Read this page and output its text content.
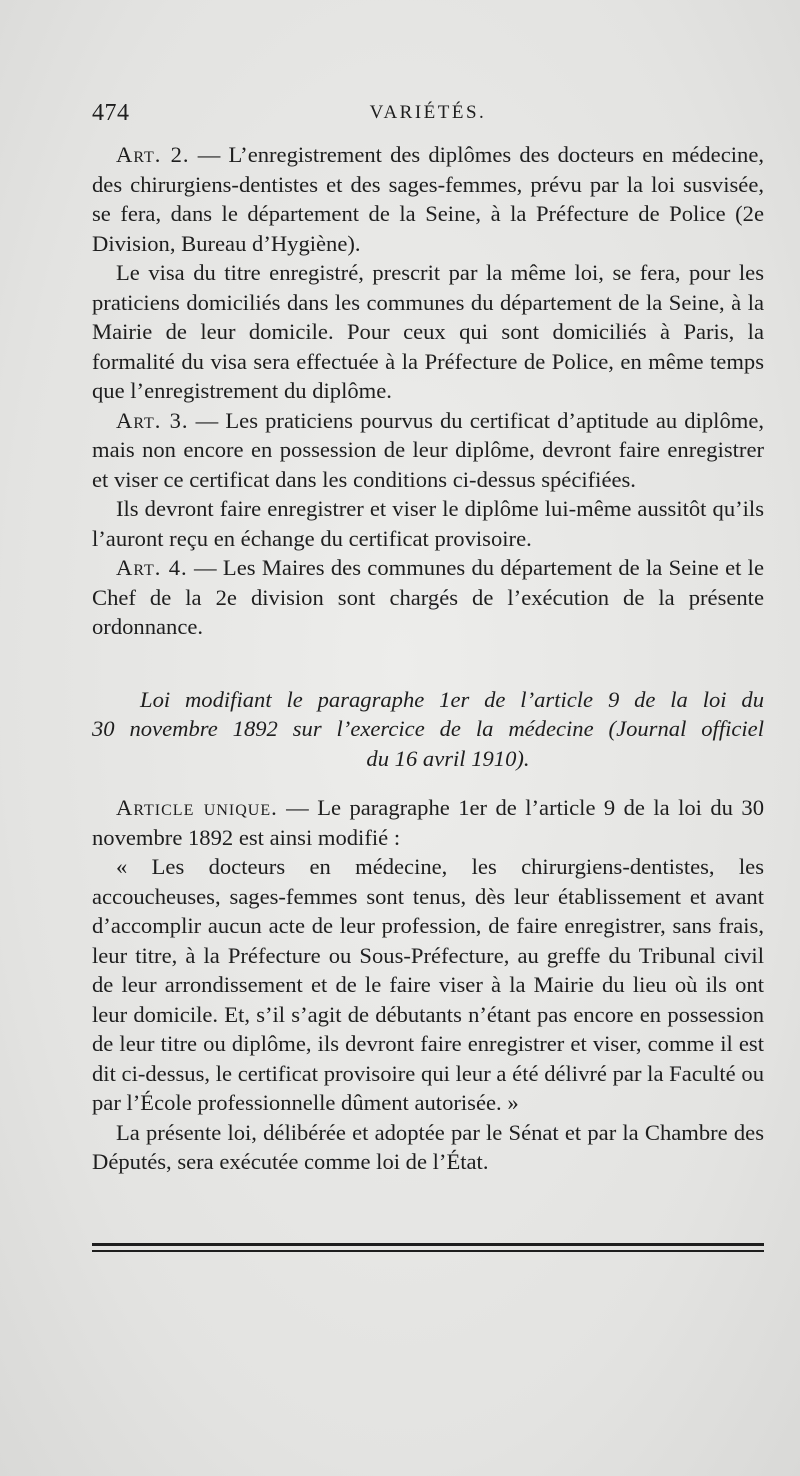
474	VARIÉTÉS.

Art. 2. — L’enregistrement des diplômes des docteurs en médecine, des chirurgiens-dentistes et des sages-femmes, prévu par la loi susvisée, se fera, dans le département de la Seine, à la Préfecture de Police (2e Division, Bureau d’Hygiène).

Le visa du titre enregistré, prescrit par la même loi, se fera, pour les praticiens domiciliés dans les communes du département de la Seine, à la Mairie de leur domicile. Pour ceux qui sont domiciliés à Paris, la formalité du visa sera effectuée à la Préfecture de Police, en même temps que l’enregistrement du diplôme.

Art. 3. — Les praticiens pourvus du certificat d’aptitude au diplôme, mais non encore en possession de leur diplôme, devront faire enregistrer et viser ce certificat dans les conditions ci-dessus spécifiées.

Ils devront faire enregistrer et viser le diplôme lui-même aussitôt qu’ils l’auront reçu en échange du certificat provisoire.

Art. 4. — Les Maires des communes du département de la Seine et le Chef de la 2e division sont chargés de l’exécution de la présente ordonnance.

Loi modifiant le paragraphe 1er de l’article 9 de la loi du
30 novembre 1892 sur l’exercice de la médecine (Journal officiel
du 16 avril 1910).

Article unique. — Le paragraphe 1er de l’article 9 de la loi du 30 novembre 1892 est ainsi modifié :

« Les docteurs en médecine, les chirurgiens-dentistes, les accoucheuses, sages-femmes sont tenus, dès leur établissement et avant d’accomplir aucun acte de leur profession, de faire enregistrer, sans frais, leur titre, à la Préfecture ou Sous-Préfecture, au greffe du Tribunal civil de leur arrondissement et de le faire viser à la Mairie du lieu où ils ont leur domicile. Et, s’il s’agit de débutants n’étant pas encore en possession de leur titre ou diplôme, ils devront faire enregistrer et viser, comme il est dit ci-dessus, le certificat provisoire qui leur a été délivré par la Faculté ou par l’École professionnelle dûment autorisée. »

La présente loi, délibérée et adoptée par le Sénat et par la Chambre des Députés, sera exécutée comme loi de l’État.
